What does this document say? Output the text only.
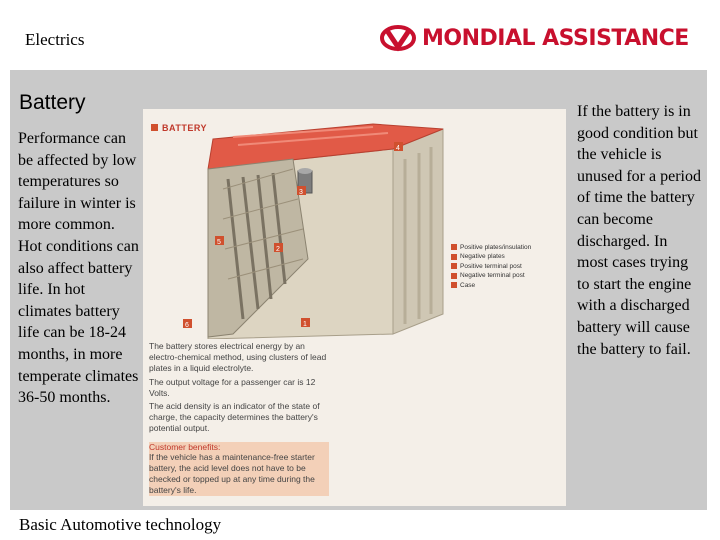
Electrics	MONDIAL ASSISTANCE
Battery
Performance can be affected by low temperatures so failure in winter is more common. Hot conditions can also affect battery life. In hot climates battery life can be 18-24 months, in more temperate climates 36-50 months.
If the battery is in good condition but the vehicle is unused for a period of time the battery can become discharged. In most cases trying to start the engine with a discharged battery will cause the battery to fail.
BATTERY
4
3
5
2
1
6
Positive plates/insulation
Negative plates
Positive terminal post
Negative terminal post
Case
The battery stores electrical energy by an electro-chemical method, using clusters of lead plates in a liquid electrolyte.
The output voltage for a passenger car is 12 Volts.
The acid density is an indicator of the state of charge, the capacity determines the battery's potential output.
Customer benefits:
If the vehicle has a maintenance-free starter battery, the acid level does not have to be checked or topped up at any time during the battery's life.
Basic Automotive technology
